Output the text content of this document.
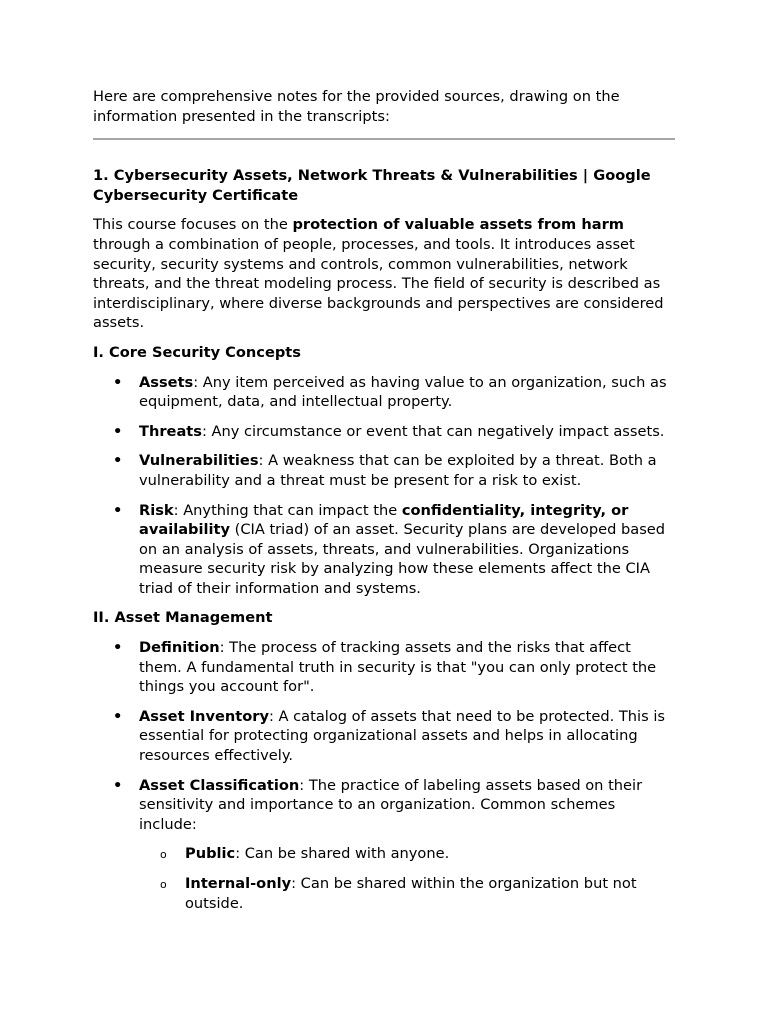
Here are comprehensive notes for the provided sources, drawing on the information presented in the transcripts:

1. Cybersecurity Assets, Network Threats & Vulnerabilities | Google Cybersecurity Certificate

This course focuses on the protection of valuable assets from harm through a combination of people, processes, and tools. It introduces asset security, security systems and controls, common vulnerabilities, network threats, and the threat modeling process. The field of security is described as interdisciplinary, where diverse backgrounds and perspectives are considered assets.

I. Core Security Concepts
• Assets: Any item perceived as having value to an organization, such as equipment, data, and intellectual property.
• Threats: Any circumstance or event that can negatively impact assets.
• Vulnerabilities: A weakness that can be exploited by a threat. Both a vulnerability and a threat must be present for a risk to exist.
• Risk: Anything that can impact the confidentiality, integrity, or availability (CIA triad) of an asset. Security plans are developed based on an analysis of assets, threats, and vulnerabilities. Organizations measure security risk by analyzing how these elements affect the CIA triad of their information and systems.
II. Asset Management
• Definition: The process of tracking assets and the risks that affect them. A fundamental truth in security is that "you can only protect the things you account for".
• Asset Inventory: A catalog of assets that need to be protected. This is essential for protecting organizational assets and helps in allocating resources effectively.
• Asset Classification: The practice of labeling assets based on their sensitivity and importance to an organization. Common schemes include:
o Public: Can be shared with anyone.
o Internal-only: Can be shared within the organization but not outside.
